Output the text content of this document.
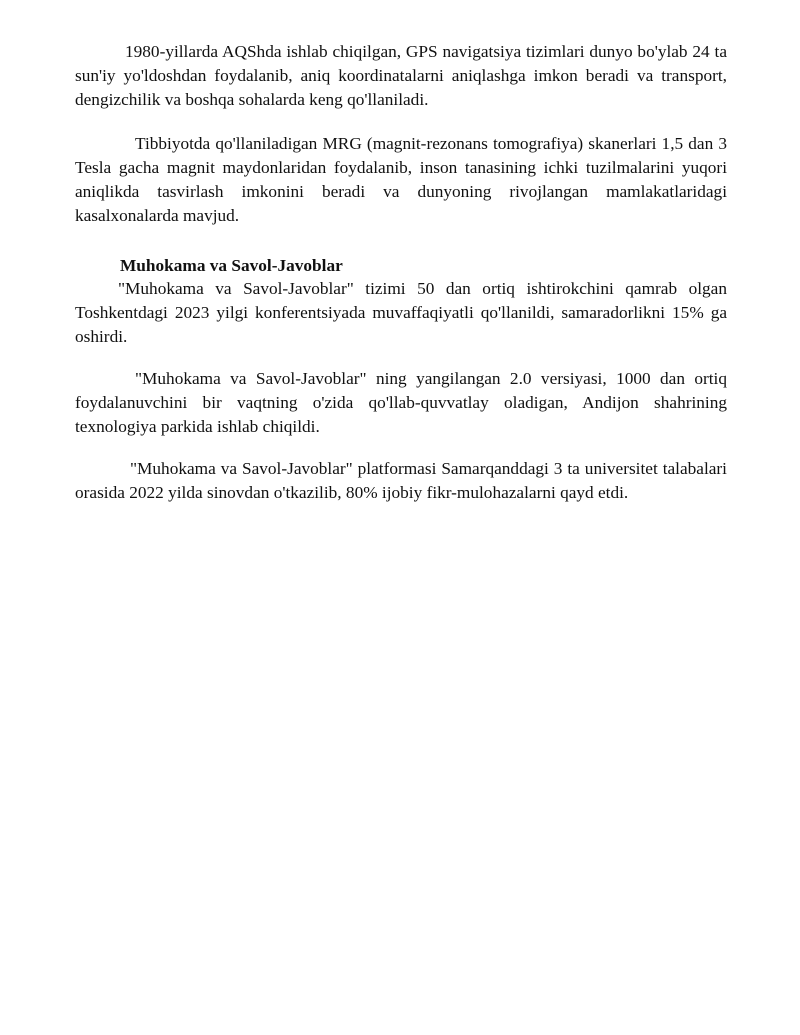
1980-yillarda AQShda ishlab chiqilgan, GPS navigatsiya tizimlari dunyo bo'ylab 24 ta sun'iy yo'ldoshdan foydalanib, aniq koordinatalarni aniqlashga imkon beradi va transport, dengizchilik va boshqa sohalarda keng qo'llaniladi.

Tibbiyotda qo'llaniladigan MRG (magnit-rezonans tomografiya) skanerlari 1,5 dan 3 Tesla gacha magnit maydonlaridan foydalanib, inson tanasining ichki tuzilmalarini yuqori aniqlikda tasvirlash imkonini beradi va dunyoning rivojlangan mamlakatlaridagi kasalxonalarda mavjud.

Muhokama va Savol-Javoblar

"Muhokama va Savol-Javoblar" tizimi 50 dan ortiq ishtirokchini qamrab olgan Toshkentdagi 2023 yilgi konferentsiyada muvaffaqiyatli qo'llanildi, samaradorlikni 15% ga oshirdi.

"Muhokama va Savol-Javoblar" ning yangilangan 2.0 versiyasi, 1000 dan ortiq foydalanuvchini bir vaqtning o'zida qo'llab-quvvatlay oladigan, Andijon shahrining texnologiya parkida ishlab chiqildi.

"Muhokama va Savol-Javoblar" platformasi Samarqanddagi 3 ta universitet talabalari orasida 2022 yilda sinovdan o'tkazilib, 80% ijobiy fikr-mulohazalarni qayd etdi.
